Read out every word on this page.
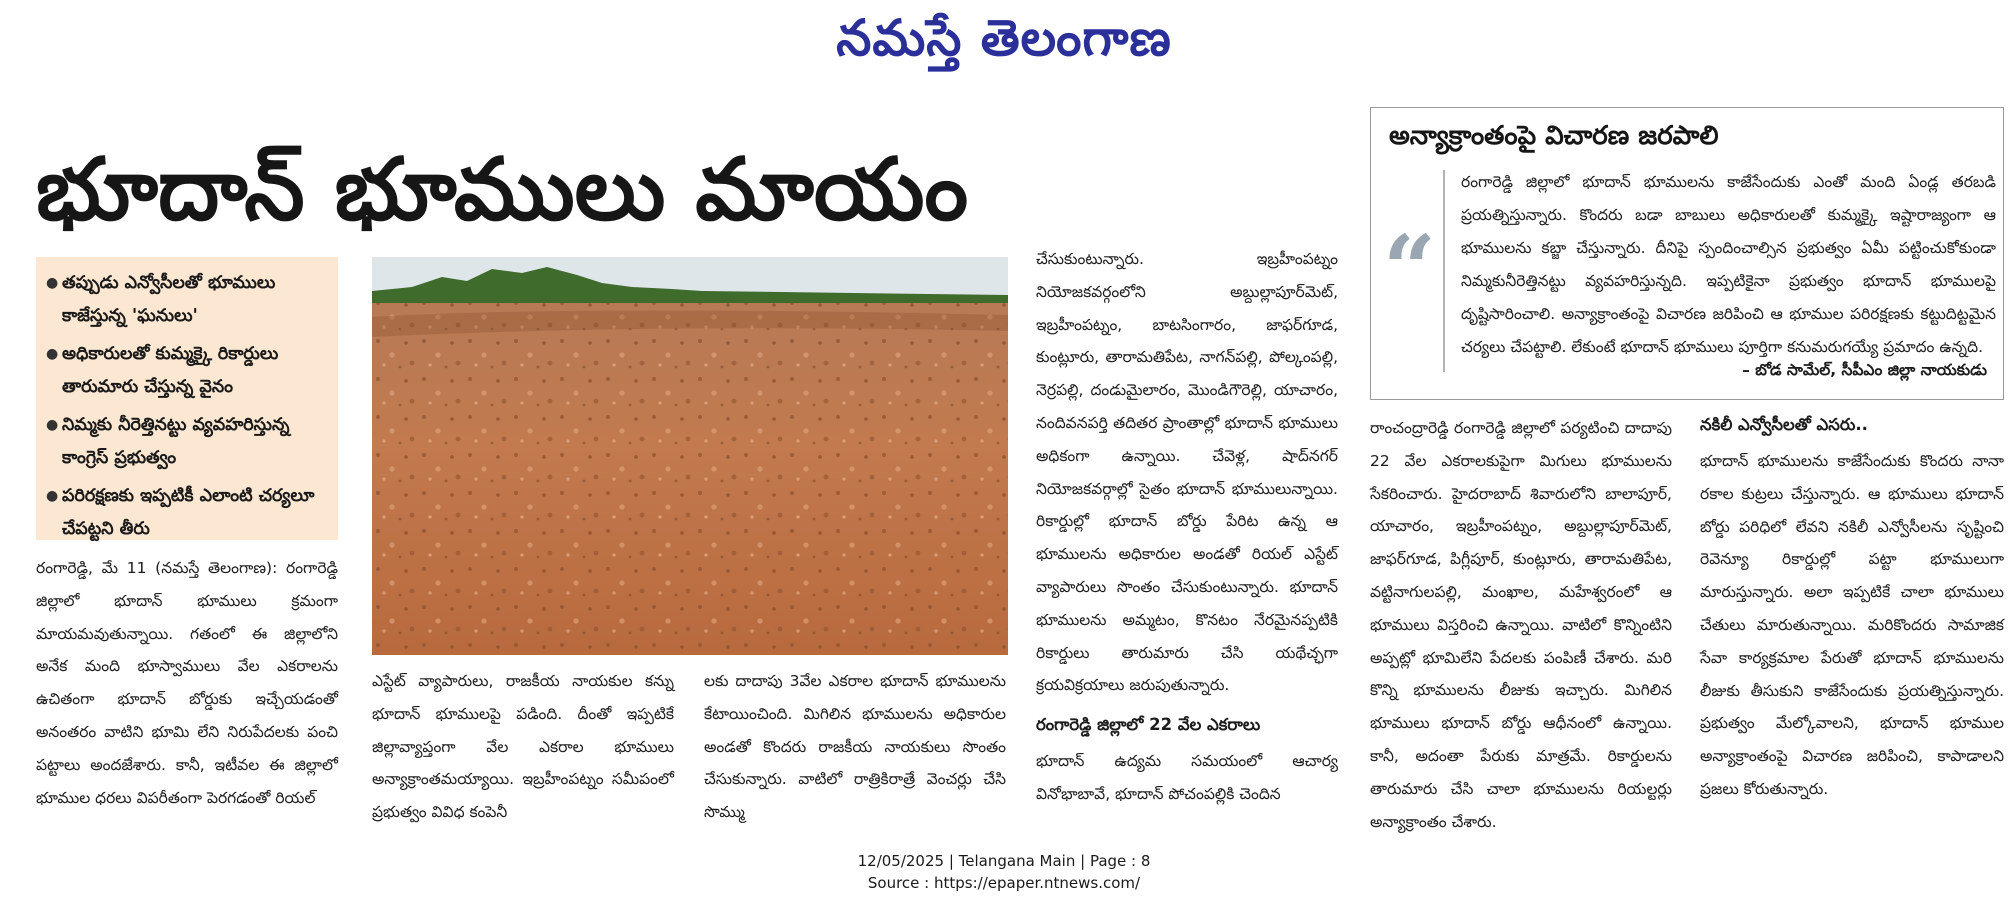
నమస్తే తెలంగాణ
భూదాన్ భూములు మాయం
● తప్పుడు ఎన్వోసీలతో భూములు కాజేస్తున్న 'ఘనులు'
● అధికారులతో కుమ్మక్కై రికార్డులు తారుమారు చేస్తున్న వైనం
● నిమ్మకు నీరెత్తినట్టు వ్యవహరిస్తున్న కాంగ్రెస్ ప్రభుత్వం
● పరిరక్షణకు ఇప్పటికీ ఎలాంటి చర్యలూ చేపట్టని తీరు

రంగారెడ్డి, మే 11 (నమస్తే తెలంగాణ): రంగారెడ్డి జిల్లాలో భూదాన్ భూములు క్రమంగా మాయమవుతున్నాయి. గతంలో ఈ జిల్లాలోని అనేక మంది భూస్వాములు వేల ఎకరాలను ఉచితంగా భూదాన్ బోర్డుకు ఇచ్చేయడంతో అనంతరం వాటిని భూమి లేని నిరుపేదలకు పంచి పట్టాలు అందజేశారు. కానీ, ఇటీవల ఈ జిల్లాలో భూముల ధరలు విపరీతంగా పెరగడంతో రియల్

ఎస్టేట్ వ్యాపారులు, రాజకీయ నాయకుల కన్ను భూదాన్ భూములపై పడింది. దీంతో ఇప్పటికే జిల్లావ్యాప్తంగా వేల ఎకరాల భూములు అన్యాక్రాంతమయ్యాయి. ఇబ్రహీంపట్నం సమీపంలో ప్రభుత్వం వివిధ కంపెనీ

లకు దాదాపు 3వేల ఎకరాల భూదాన్ భూములను కేటాయించింది. మిగిలిన భూములను అధికారుల అండతో కొందరు రాజకీయ నాయకులు సొంతం చేసుకున్నారు. వాటిలో రాత్రికిరాత్రే వెంచర్లు చేసి సొమ్ము

చేసుకుంటున్నారు. ఇబ్రహీంపట్నం నియోజకవర్గంలోని అబ్దుల్లాపూర్‌మెట్, ఇబ్రహీంపట్నం, బాటసింగారం, జాఫర్‌గూడ, కుంట్లూరు, తారామతిపేట, నాగన్‌పల్లి, పోల్కంపల్లి, నెర్రపల్లి, దండుమైలారం, మొండిగౌరెల్లి, యాచారం, నందివనపర్తి తదితర ప్రాంతాల్లో భూదాన్ భూములు అధికంగా ఉన్నాయి. చేవెళ్ల, షాద్‌నగర్ నియోజకవర్గాల్లో సైతం భూదాన్ భూములున్నాయి. రికార్డుల్లో భూదాన్ బోర్డు పేరిట ఉన్న ఆ భూములను అధికారుల అండతో రియల్ ఎస్టేట్ వ్యాపారులు సొంతం చేసుకుంటున్నారు. భూదాన్ భూములను అమ్మటం, కొనటం నేరమైనప్పటికి రికార్డులు తారుమారు చేసి యథేచ్ఛగా క్రయవిక్రయాలు జరుపుతున్నారు.

రంగారెడ్డి జిల్లాలో 22 వేల ఎకరాలు

భూదాన్ ఉద్యమ సమయంలో ఆచార్య వినోభాబావే, భూదాన్ పోచంపల్లికి చెందిన

అన్యాక్రాంతంపై విచారణ జరపాలి
“
రంగారెడ్డి జిల్లాలో భూదాన్ భూములను కాజేసేందుకు ఎంతో మంది ఏండ్ల తరబడి ప్రయత్నిస్తున్నారు. కొందరు బడా బాబులు అధికారులతో కుమ్మక్కై ఇష్టారాజ్యంగా ఆ భూములను కబ్జా చేస్తున్నారు. దీనిపై స్పందించాల్సిన ప్రభుత్వం ఏమీ పట్టించుకోకుండా నిమ్మకునీరెత్తినట్టు వ్యవహరిస్తున్నది. ఇప్పటికైనా ప్రభుత్వం భూదాన్ భూములపై దృష్టిసారించాలి. అన్యాక్రాంతంపై విచారణ జరిపించి ఆ భూముల పరిరక్షణకు కట్టుదిట్టమైన చర్యలు చేపట్టాలి. లేకుంటే భూదాన్ భూములు పూర్తిగా కనుమరుగయ్యే ప్రమాదం ఉన్నది.
– బోడ సామేల్, సీపీఎం జిల్లా నాయకుడు

రాంచంద్రారెడ్డి రంగారెడ్డి జిల్లాలో పర్యటించి దాదాపు 22 వేల ఎకరాలకుపైగా మిగులు భూములను సేకరించారు. హైదరాబాద్ శివారులోని బాలాపూర్, యాచారం, ఇబ్రహీంపట్నం, అబ్దుల్లాపూర్‌మెట్, జాఫర్‌గూడ, పిగ్లీపూర్, కుంట్లూరు, తారామతిపేట, వట్టినాగులపల్లి, మంఖాల, మహేశ్వరంలో ఆ భూములు విస్తరించి ఉన్నాయి. వాటిలో కొన్నింటిని అప్పట్లో భూమిలేని పేదలకు పంపిణీ చేశారు. మరి కొన్ని భూములను లీజుకు ఇచ్చారు. మిగిలిన భూములు భూదాన్ బోర్డు ఆధీనంలో ఉన్నాయి. కానీ, అదంతా పేరుకు మాత్రమే. రికార్డులను తారుమారు చేసి చాలా భూములను రియల్టర్లు అన్యాక్రాంతం చేశారు.

నకిలీ ఎన్వోసీలతో ఎసరు..

భూదాన్ భూములను కాజేసేందుకు కొందరు నానా రకాల కుట్రలు చేస్తున్నారు. ఆ భూములు భూదాన్ బోర్డు పరిధిలో లేవని నకిలీ ఎన్వోసీలను సృష్టించి రెవెన్యూ రికార్డుల్లో పట్టా భూములుగా మారుస్తున్నారు. అలా ఇప్పటికే చాలా భూములు చేతులు మారుతున్నాయి. మరికొందరు సామాజిక సేవా కార్యక్రమాల పేరుతో భూదాన్ భూములను లీజుకు తీసుకుని కాజేసేందుకు ప్రయత్నిస్తున్నారు. ప్రభుత్వం మేల్కోవాలని, భూదాన్ భూముల అన్యాక్రాంతంపై విచారణ జరిపించి, కాపాడాలని ప్రజలు కోరుతున్నారు.

12/05/2025 | Telangana Main | Page : 8
Source : https://epaper.ntnews.com/
